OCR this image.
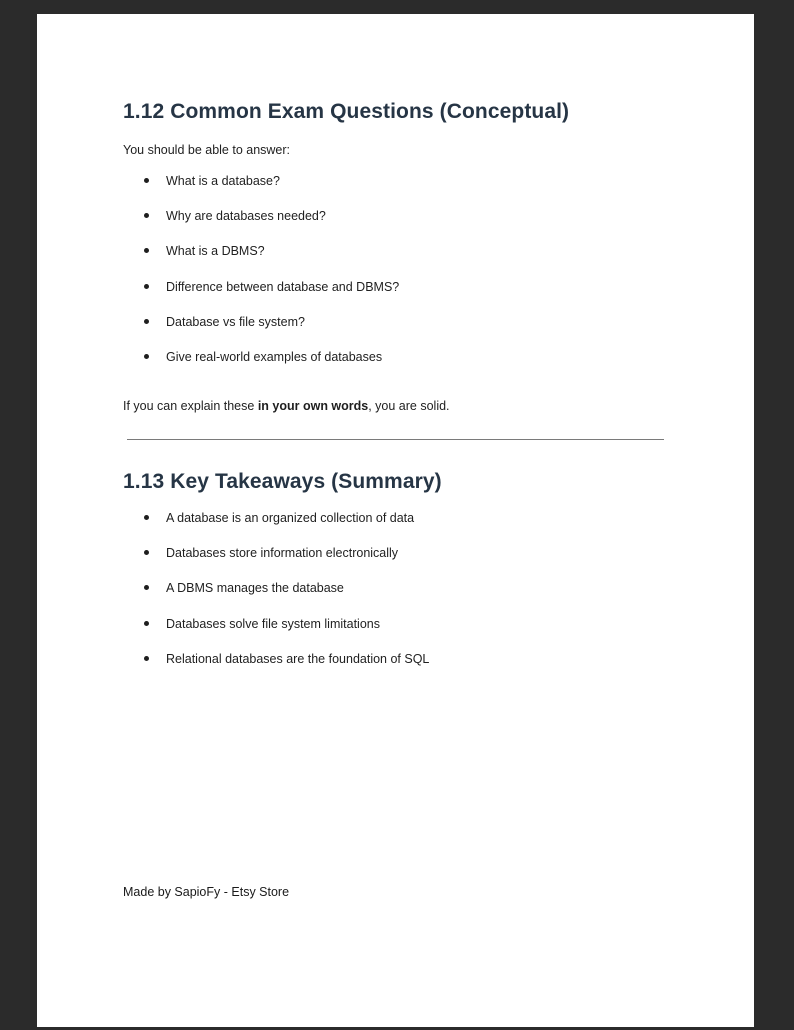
1.12 Common Exam Questions (Conceptual)

You should be able to answer:

What is a database?
Why are databases needed?
What is a DBMS?
Difference between database and DBMS?
Database vs file system?
Give real-world examples of databases

If you can explain these in your own words, you are solid.

1.13 Key Takeaways (Summary)
A database is an organized collection of data
Databases store information electronically
A DBMS manages the database
Databases solve file system limitations
Relational databases are the foundation of SQL
Made by SapioFy - Etsy Store
